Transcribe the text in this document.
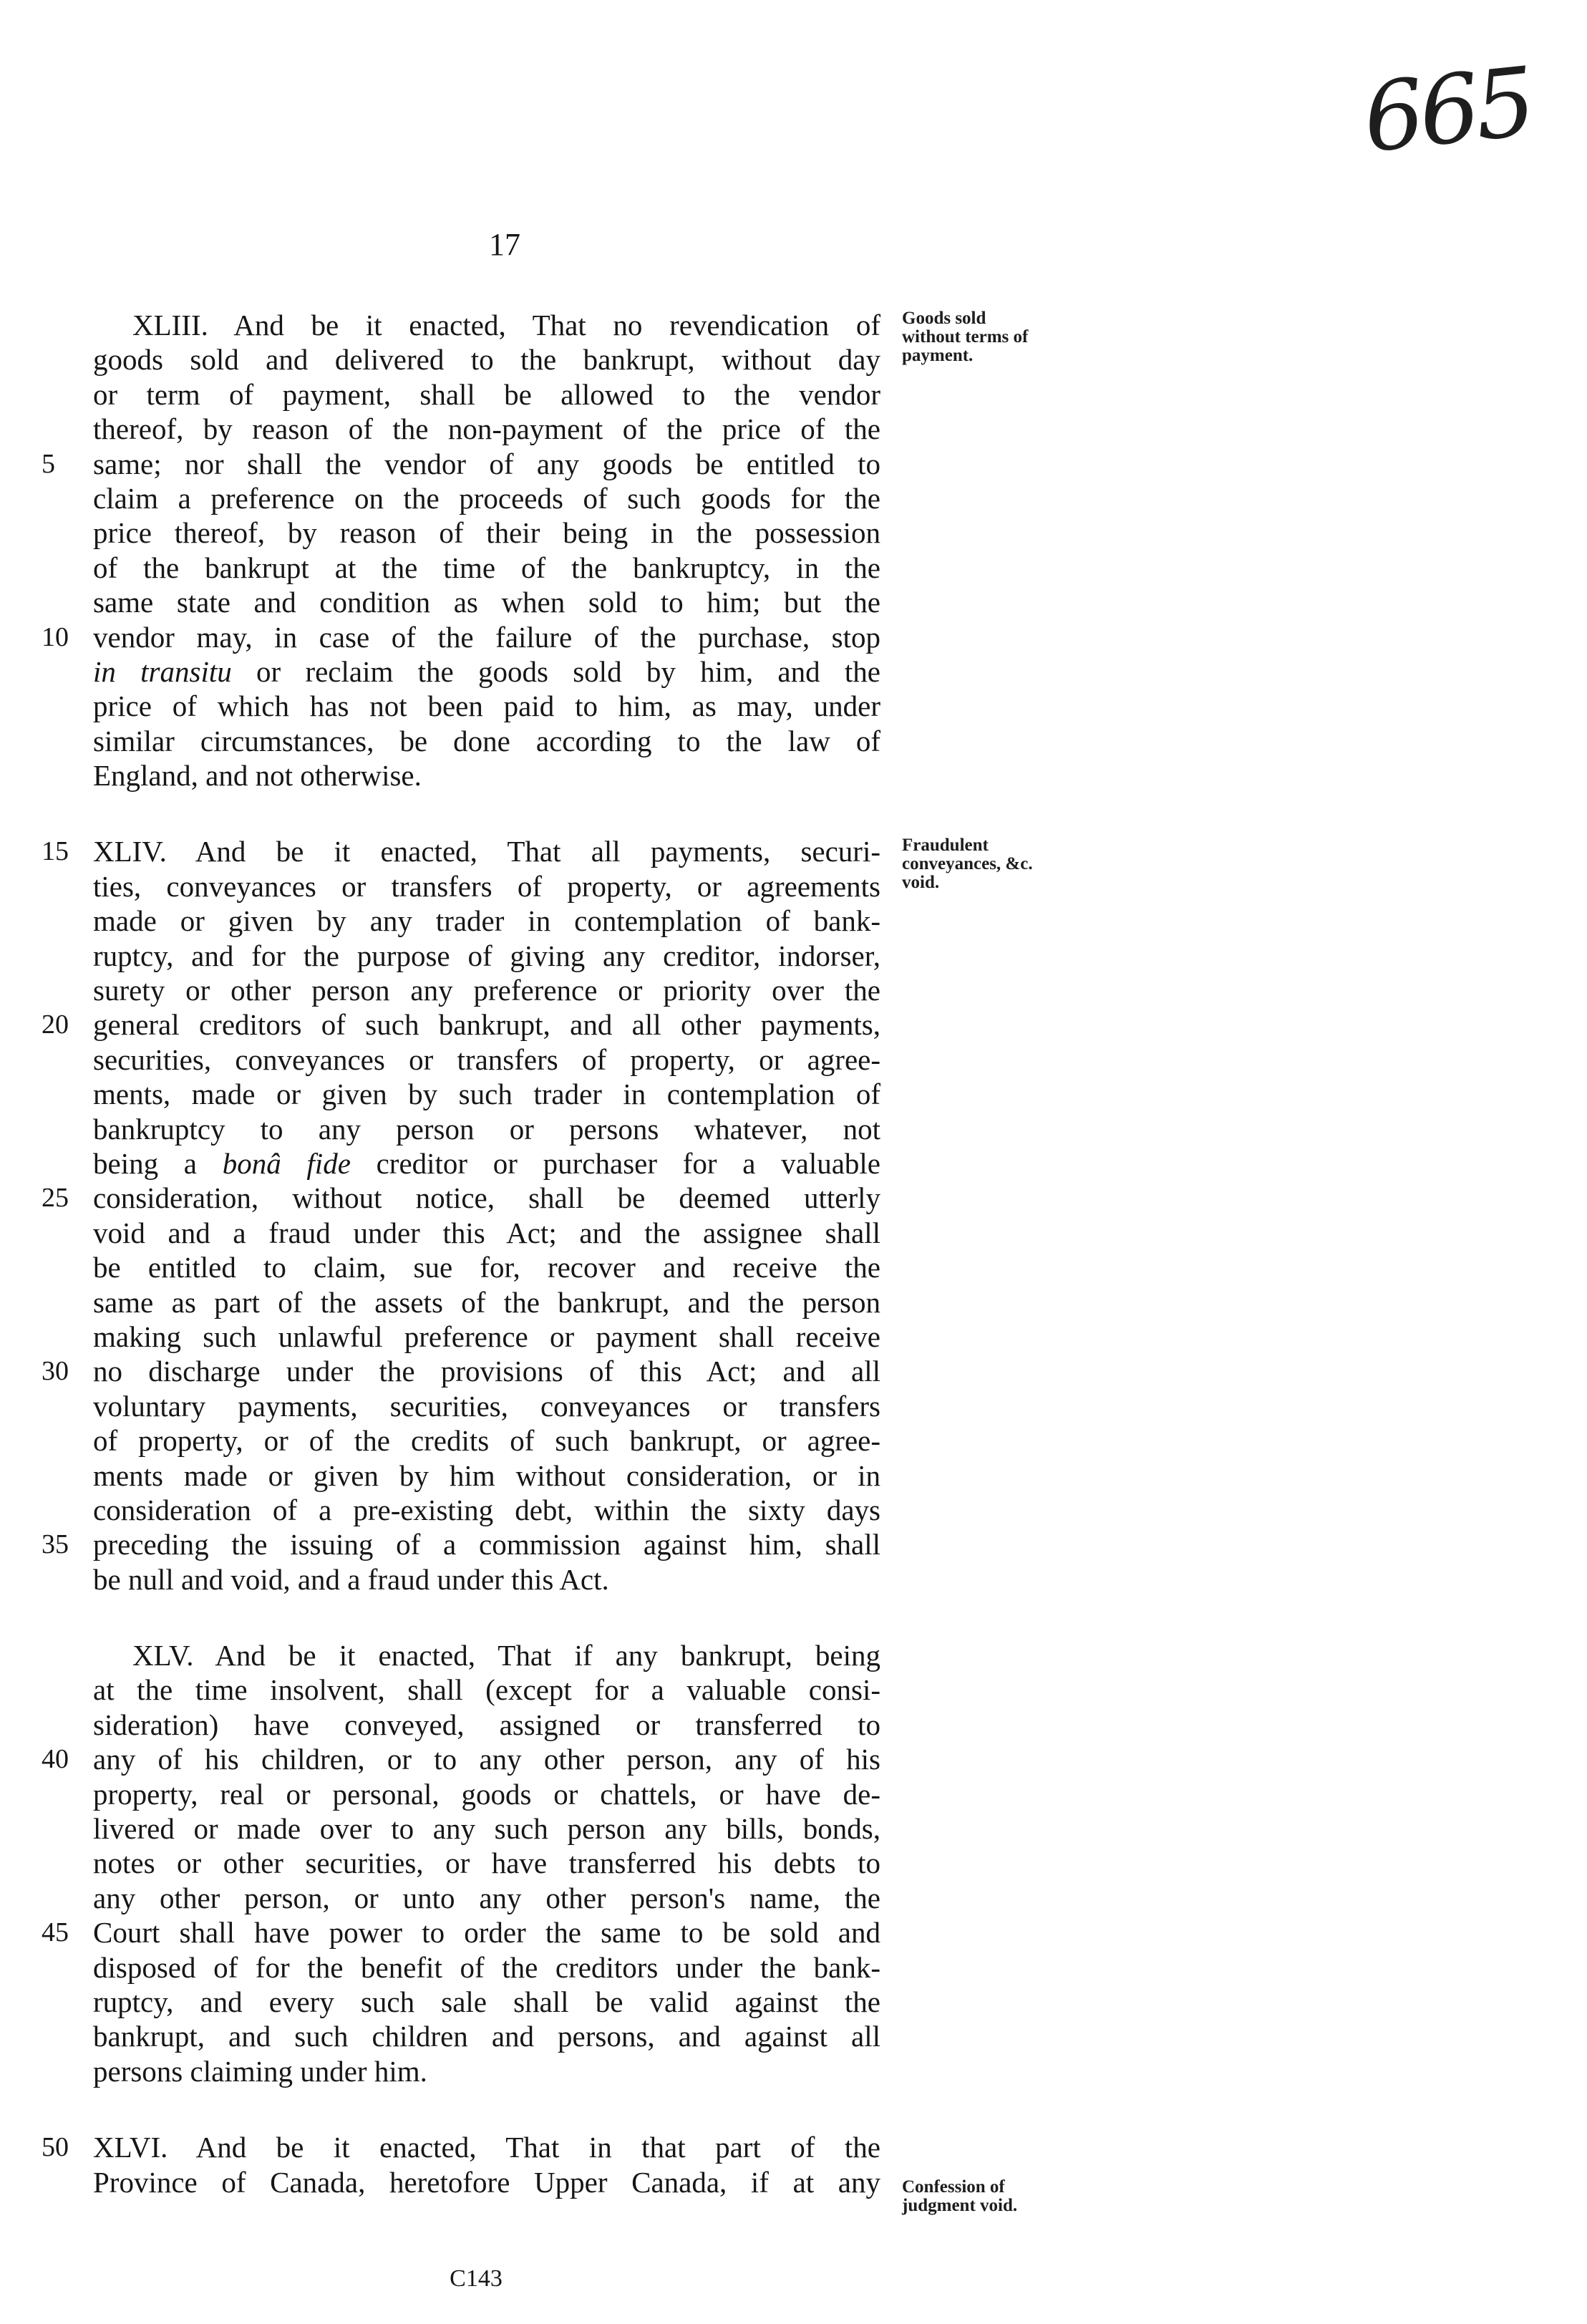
665
17
XLIII. And be it enacted, That no revendication of
goods sold and delivered to the bankrupt, without day
or term of payment, shall be allowed to the vendor
thereof, by reason of the non-payment of the price of the
5	same; nor shall the vendor of any goods be entitled to
claim a preference on the proceeds of such goods for the
price thereof, by reason of their being in the possession
of the bankrupt at the time of the bankruptcy, in the
same state and condition as when sold to him; but the
10 vendor may, in case of the failure of the purchase, stop
in transitu or reclaim the goods sold by him, and the
price of which has not been paid to him, as may, under
similar circumstances, be done according to the law of
England, and not otherwise.
15 XLIV. And be it enacted, That all payments, securi-
ties, conveyances or transfers of property, or agreements
made or given by any trader in contemplation of bank-
ruptcy, and for the purpose of giving any creditor, indorser,
surety or other person any preference or priority over the
20 general creditors of such bankrupt, and all other payments,
securities, conveyances or transfers of property, or agree-
ments, made or given by such trader in contemplation of
bankruptcy to any person or persons whatever, not
being a bonâ fide creditor or purchaser for a valuable
25 consideration, without notice, shall be deemed utterly
void and a fraud under this Act; and the assignee shall
be entitled to claim, sue for, recover and receive the
same as part of the assets of the bankrupt, and the person
making such unlawful preference or payment shall receive
30 no discharge under the provisions of this Act; and all
voluntary payments, securities, conveyances or transfers
of property, or of the credits of such bankrupt, or agree-
ments made or given by him without consideration, or in
consideration of a pre-existing debt, within the sixty days
35 preceding the issuing of a commission against him, shall
be null and void, and a fraud under this Act.
XLV. And be it enacted, That if any bankrupt, being
at the time insolvent, shall (except for a valuable consi-
sideration) have conveyed, assigned or transferred to
40 any of his children, or to any other person, any of his
property, real or personal, goods or chattels, or have de-
livered or made over to any such person any bills, bonds,
notes or other securities, or have transferred his debts to
any other person, or unto any other person's name, the
45 Court shall have power to order the same to be sold and
disposed of for the benefit of the creditors under the bank-
ruptcy, and every such sale shall be valid against the
bankrupt, and such children and persons, and against all
persons claiming under him.
50 XLVI. And be it enacted, That in that part of the
Province of Canada, heretofore Upper Canada, if at any
Goods sold without terms of payment.
Fraudulent conveyances, &c. void.
Confession of judgment void.
C143
